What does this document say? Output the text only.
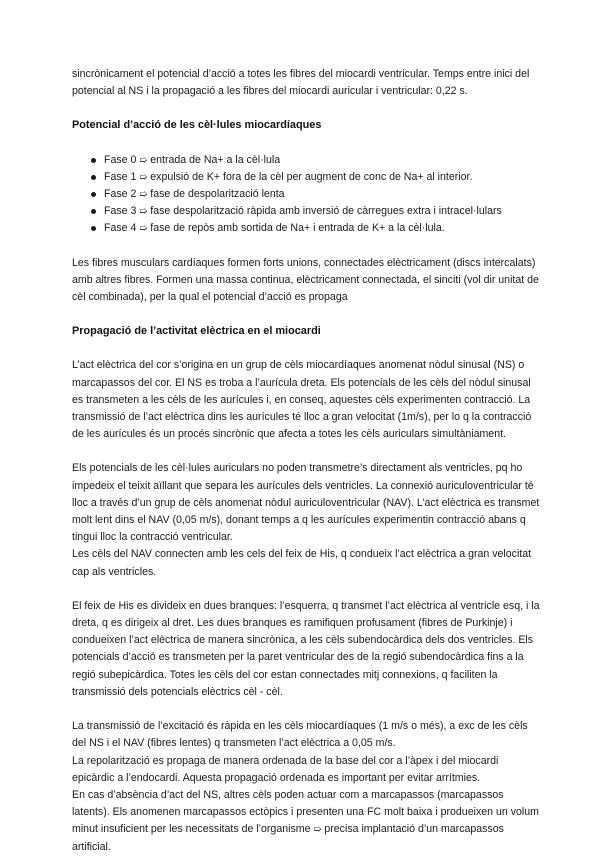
sincrònicament el potencial d’acció a totes les fibres del miocardi ventricular. Temps entre inici del potencial al NS i la propagació a les fibres del miocardi auricular i ventricular: 0,22 s.

Potencial d’acció de les cèl·lules miocardíaques
Fase 0 ➯ entrada de Na+ a la cèl·lula
Fase 1 ➯ expulsió de K+ fora de la cèl per augment de conc de Na+ al interior.
Fase 2 ➯ fase de despolarització lenta
Fase 3 ➯ fase despolarització ràpida amb inversió de càrregues extra i intracel·lulars
Fase 4 ➯ fase de repòs amb sortida de Na+ i entrada de K+ a la cèl·lula.

Les fibres musculars cardíaques formen forts unions, connectades elèctricament (discs intercalats) amb altres fibres. Formen una massa continua, elèctricament connectada, el sinciti (vol dir unitat de cèl combinada), per la qual el potencial d’acció es propaga

Propagació de l’activitat elèctrica en el miocardi

L’act elèctrica del cor s’origina en un grup de cèls miocardíaques anomenat nòdul sinusal (NS) o marcapassos del cor. El NS es troba a l’aurícula dreta. Els potencials de les cèls del nòdul sinusal es transmeten a les cèls de les aurícules i, en conseq, aquestes cèls experimenten contracció. La transmissió de l’act elèctrica dins les aurícules té lloc a gran velocitat (1m/s), per lo q la contracció de les aurícules és un procés sincrònic que afecta a totes les cèls auriculars simultàniament.

Els potencials de les cèl·lules auriculars no poden transmetre’s directament als ventricles, pq ho impedeix el teixit aïllant que separa les aurícules dels ventricles. La connexió auriculoventricular té lloc a través d’un grup de cèls anomenat nòdul auriculoventricular (NAV). L’act elèctrica es transmet molt lent dins el NAV (0,05 m/s), donant temps a q les aurícules experimentin contracció abans q tingui lloc la contracció ventricular.

Les cèls del NAV connecten amb les cels del feix de His, q condueix l’act elèctrica a gran velocitat cap als ventricles.

El feix de His es divideix en dues branques: l’esquerra, q transmet l’act elèctrica al ventricle esq, i la dreta, q es dirigeix al dret. Les dues branques es ramifiquen profusament (fibres de Purkinje) i condueixen l’act elèctrica de manera sincrònica, a les cèls subendocàrdica dels dos ventricles. Els potencials d’acció es transmeten per la paret ventricular des de la regió subendocàrdica fins a la regió subepicàrdica. Totes les cèls del cor estan connectades mitj connexions, q faciliten la transmissió dels potencials elèctrics cèl - cèl.

La transmissió de l’excitació és ràpida en les cèls miocardíaques (1 m/s o més), a exc de les cèls del NS i el NAV (fibres lentes) q transmeten l’act elèctrica a 0,05 m/s.

La repolarització es propaga de manera ordenada de la base del cor a l’àpex i del miocardi epicàrdic a l’endocardi. Aquesta propagació ordenada es important per evitar arrítmies.

En cas d’absència d’act del NS, altres cèls poden actuar com a marcapassos (marcapassos latents). Els anomenen marcapassos ectòpics i presenten una FC molt baixa i produeixen un volum minut insuficient per les necessitats de l’organisme ➯ precisa implantació d’un marcapassos artificial.
